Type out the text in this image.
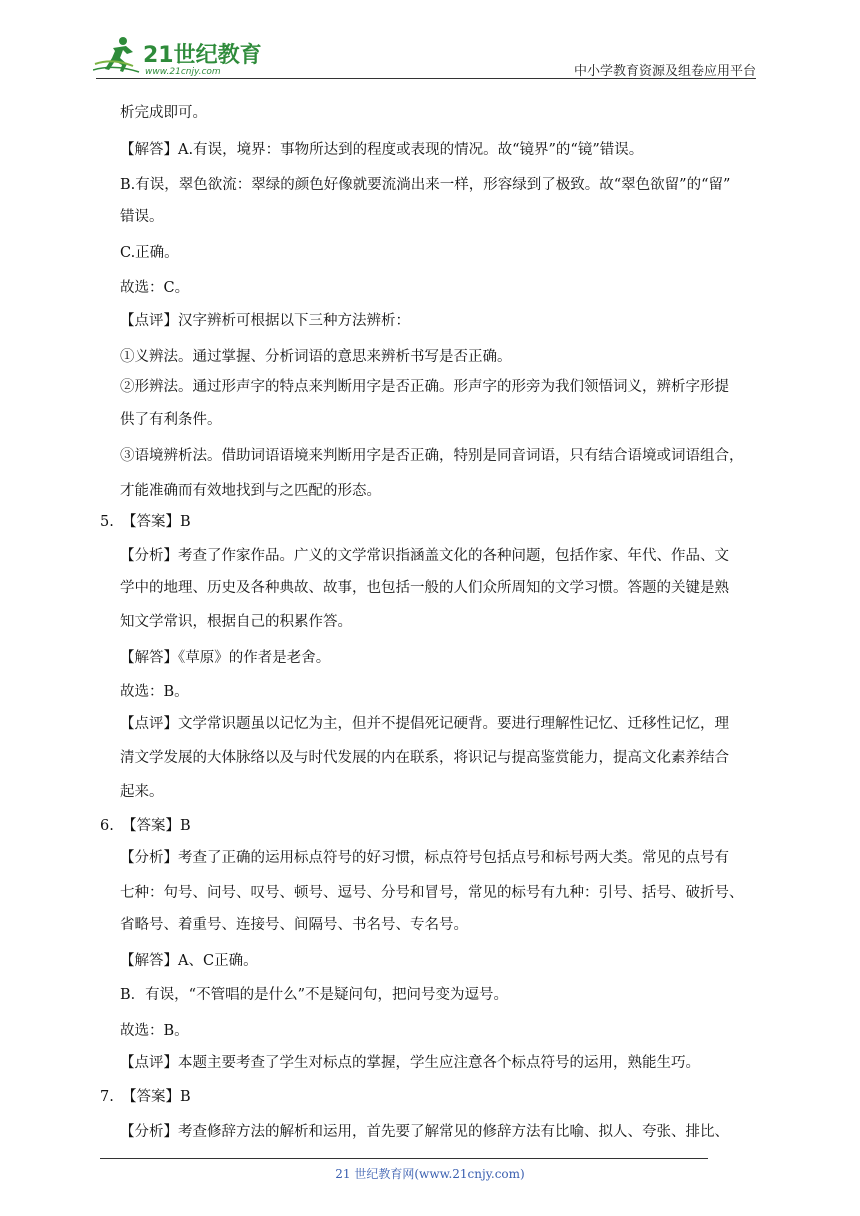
21世纪教育
www.21cnjy.com	中小学教育资源及组卷应用平台
析完成即可。
【解答】A.有误，境界：事物所达到的程度或表现的情况。故“镜界”的“镜”错误。
B.有误，翠色欲流：翠绿的颜色好像就要流淌出来一样，形容绿到了极致。故“翠色欲留”的“留”
错误。
C.正确。
故选：C。
【点评】汉字辨析可根据以下三种方法辨析：
①义辨法。通过掌握、分析词语的意思来辨析书写是否正确。
②形辨法。通过形声字的特点来判断用字是否正确。形声字的形旁为我们领悟词义，辨析字形提
供了有利条件。
③语境辨析法。借助词语语境来判断用字是否正确，特别是同音词语，只有结合语境或词语组合，
才能准确而有效地找到与之匹配的形态。
5. 【答案】B
【分析】考查了作家作品。广义的文学常识指涵盖文化的各种问题，包括作家、年代、作品、文
学中的地理、历史及各种典故、故事，也包括一般的人们众所周知的文学习惯。答题的关键是熟
知文学常识，根据自己的积累作答。
【解答】《草原》的作者是老舍。
故选：B。
【点评】文学常识题虽以记忆为主，但并不提倡死记硬背。要进行理解性记忆、迁移性记忆，理
清文学发展的大体脉络以及与时代发展的内在联系，将识记与提高鉴赏能力，提高文化素养结合
起来。
6. 【答案】B
【分析】考查了正确的运用标点符号的好习惯，标点符号包括点号和标号两大类。常见的点号有
七种：句号、问号、叹号、顿号、逗号、分号和冒号，常见的标号有九种：引号、括号、破折号、
省略号、着重号、连接号、间隔号、书名号、专名号。
【解答】A、C正确。
B．有误，“不管唱的是什么”不是疑问句，把问号变为逗号。
故选：B。
【点评】本题主要考查了学生对标点的掌握，学生应注意各个标点符号的运用，熟能生巧。
7. 【答案】B
【分析】考查修辞方法的解析和运用，首先要了解常见的修辞方法有比喻、拟人、夸张、排比、
21 世纪教育网(www.21cnjy.com)
